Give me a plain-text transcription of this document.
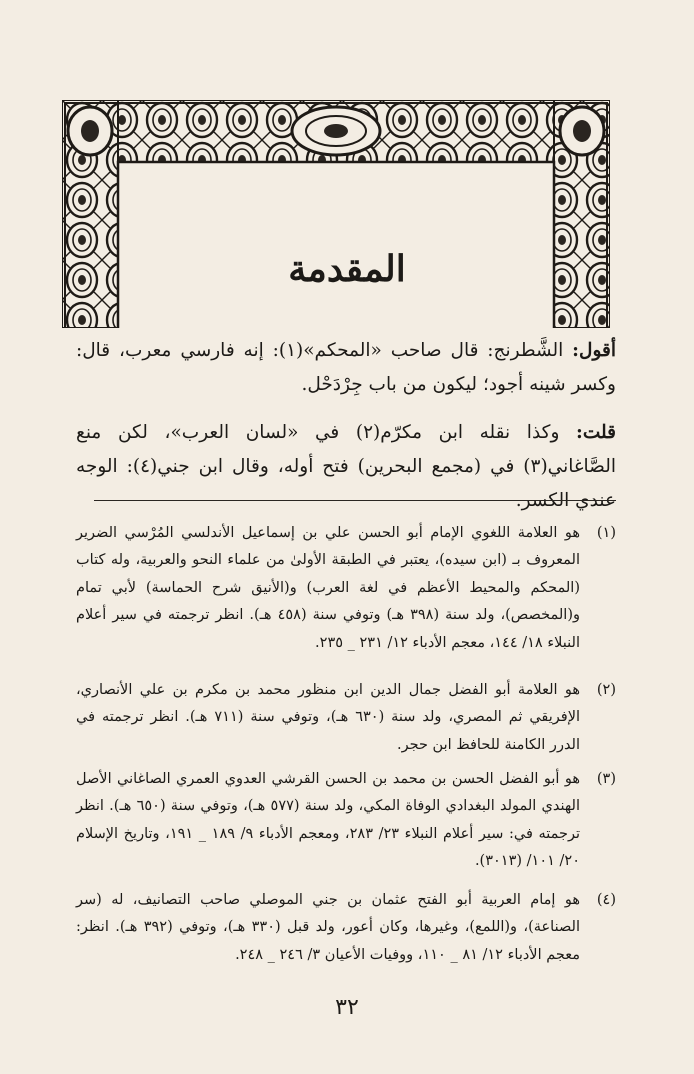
المقدمة

أقول: الشَّطرنج: قال صاحب «المحكم»(١): إنه فارسي معرب، قال: وكسر شينه أجود؛ ليكون من باب جِرْدَحْل.

قلت: وكذا نقله ابن مكرّم(٢) في «لسان العرب»، لكن منع الصَّاغاني(٣) في (مجمع البحرين) فتح أوله، وقال ابن جني(٤): الوجه عندي الكسر.

(١)
هو العلامة اللغوي الإمام أبو الحسن علي بن إسماعيل الأندلسي المُرْسي الضرير المعروف بـ (ابن سيده)، يعتبر في الطبقة الأولىٰ من علماء النحو والعربية، وله كتاب (المحكم والمحيط الأعظم في لغة العرب) و(الأنيق شرح الحماسة) لأبي تمام و(المخصص)، ولد سنة (٣٩٨ هـ) وتوفي سنة (٤٥٨ هـ). انظر ترجمته في سير أعلام النبلاء ١٨/ ١٤٤، معجم الأدباء ١٢/ ٢٣١ _ ٢٣٥.
(٢)
هو العلامة أبو الفضل جمال الدين ابن منظور محمد بن مكرم بن علي الأنصاري، الإفريقي ثم المصري، ولد سنة (٦٣٠ هـ)، وتوفي سنة (٧١١ هـ). انظر ترجمته في الدرر الكامنة للحافظ ابن حجر.
(٣)
هو أبو الفضل الحسن بن محمد بن الحسن القرشي العدوي العمري الصاغاني الأصل الهندي المولد البغدادي الوفاة المكي، ولد سنة (٥٧٧ هـ)، وتوفي سنة (٦٥٠ هـ). انظر ترجمته في: سير أعلام النبلاء ٢٣/ ٢٨٣، ومعجم الأدباء ٩/ ١٨٩ _ ١٩١، وتاريخ الإسلام ٢٠/ ١٠١/ (٣٠١٣).
(٤)
هو إمام العربية أبو الفتح عثمان بن جني الموصلي صاحب التصانيف، له (سر الصناعة)، و(اللمع)، وغيرها، وكان أعور، ولد قبل (٣٣٠ هـ)، وتوفي (٣٩٢ هـ). انظر: معجم الأدباء ١٢/ ٨١ _ ١١٠، ووفيات الأعيان ٣/ ٢٤٦ _ ٢٤٨.
٣٢
